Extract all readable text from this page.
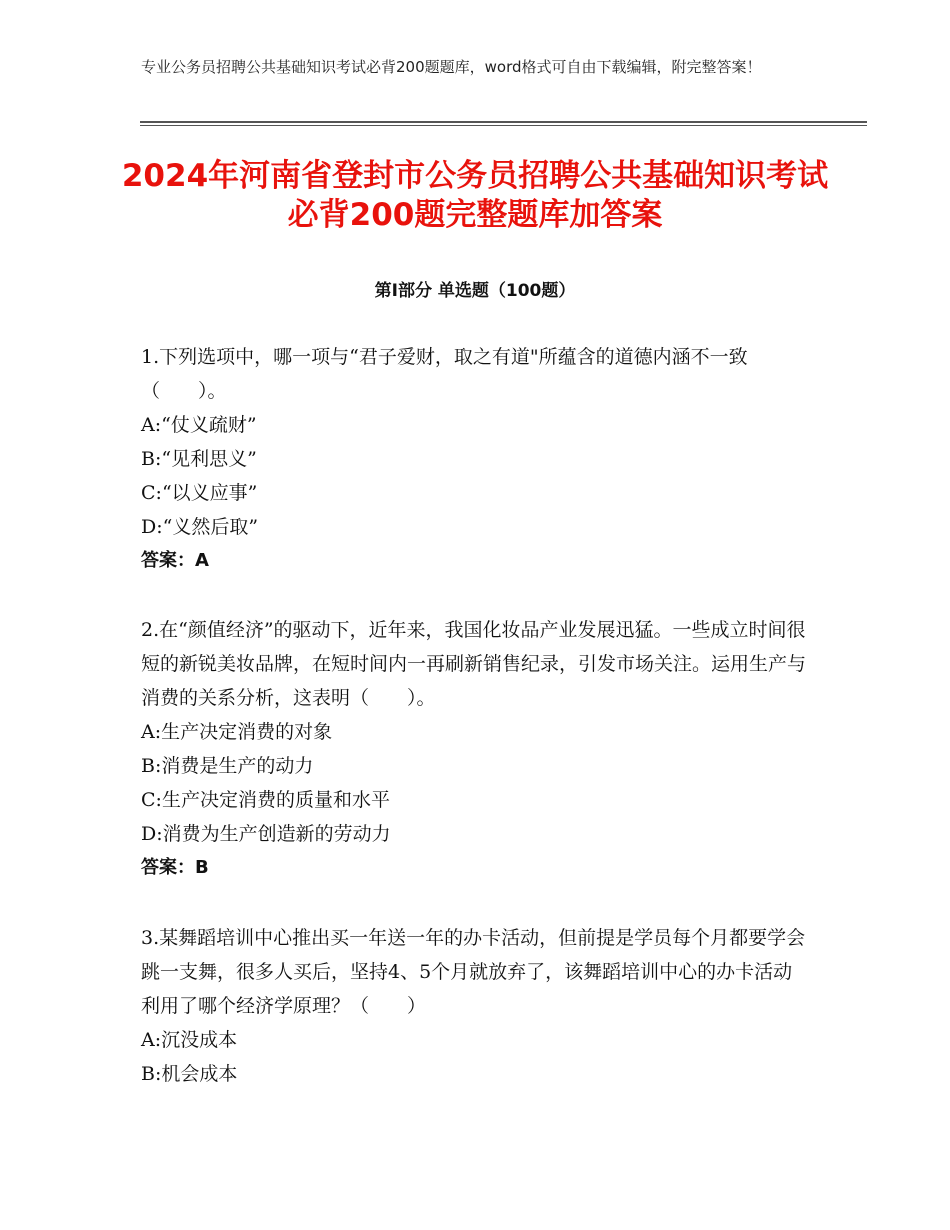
专业公务员招聘公共基础知识考试必背200题题库，word格式可自由下载编辑，附完整答案！
2024年河南省登封市公务员招聘公共基础知识考试必背200题完整题库加答案
第Ⅰ部分 单选题（100题）

1.下列选项中，哪一项与“君子爱财，取之有道"所蕴含的道德内涵不一致（　　）。

A:“仗义疏财”

B:“见利思义”

C:“以义应事”

D:“义然后取”

答案：A

2.在“颜值经济”的驱动下，近年来，我国化妆品产业发展迅猛。一些成立时间很短的新锐美妆品牌，在短时间内一再刷新销售纪录，引发市场关注。运用生产与消费的关系分析，这表明（　　）。

A:生产决定消费的对象

B:消费是生产的动力

C:生产决定消费的质量和水平

D:消费为生产创造新的劳动力

答案：B

3.某舞蹈培训中心推出买一年送一年的办卡活动，但前提是学员每个月都要学会跳一支舞，很多人买后，坚持4、5个月就放弃了，该舞蹈培训中心的办卡活动利用了哪个经济学原理？（　　）

A:沉没成本

B:机会成本
